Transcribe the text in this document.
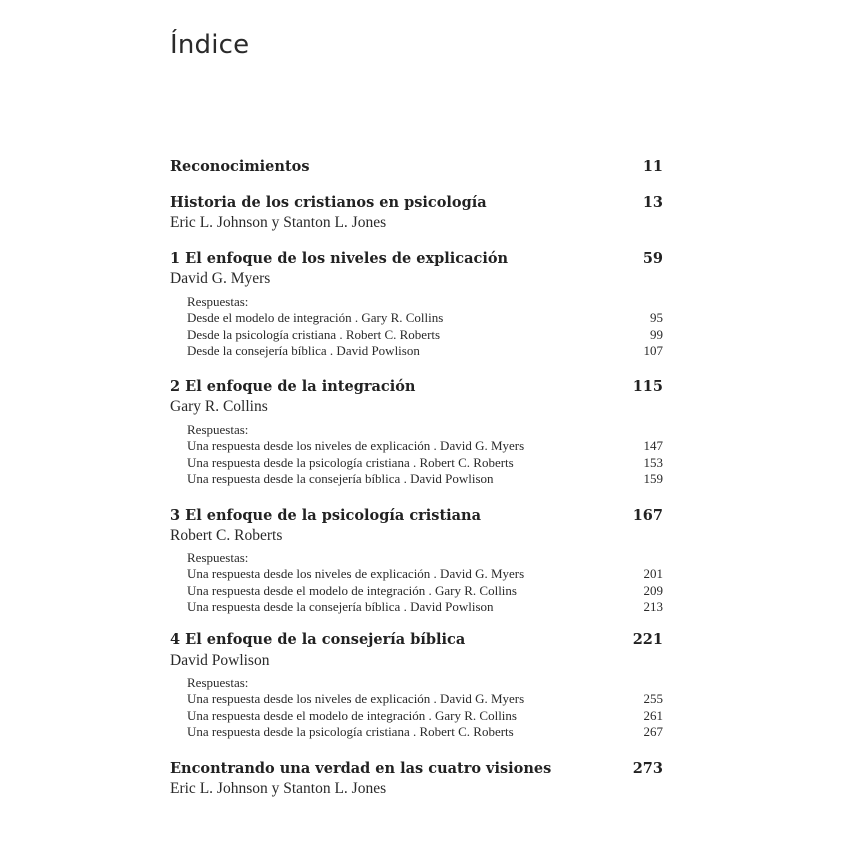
Índice
Reconocimientos	11
Historia de los cristianos en psicología	13
Eric L. Johnson y Stanton L. Jones
1 El enfoque de los niveles de explicación	59
David G. Myers
Respuestas:
Desde el modelo de integración . Gary R. Collins	95
Desde la psicología cristiana . Robert C. Roberts	99
Desde la consejería bíblica . David Powlison	107
2 El enfoque de la integración	115
Gary R. Collins
Respuestas:
Una respuesta desde los niveles de explicación . David G. Myers	147
Una respuesta desde la psicología cristiana . Robert C. Roberts	153
Una respuesta desde la consejería bíblica . David Powlison	159
3 El enfoque de la psicología cristiana	167
Robert C. Roberts
Respuestas:
Una respuesta desde los niveles de explicación . David G. Myers	201
Una respuesta desde el modelo de integración . Gary R. Collins	209
Una respuesta desde la consejería bíblica . David Powlison	213
4 El enfoque de la consejería bíblica	221
David Powlison
Respuestas:
Una respuesta desde los niveles de explicación . David G. Myers	255
Una respuesta desde el modelo de integración . Gary R. Collins	261
Una respuesta desde la psicología cristiana . Robert C. Roberts	267
Encontrando una verdad en las cuatro visiones	273
Eric L. Johnson y Stanton L. Jones
